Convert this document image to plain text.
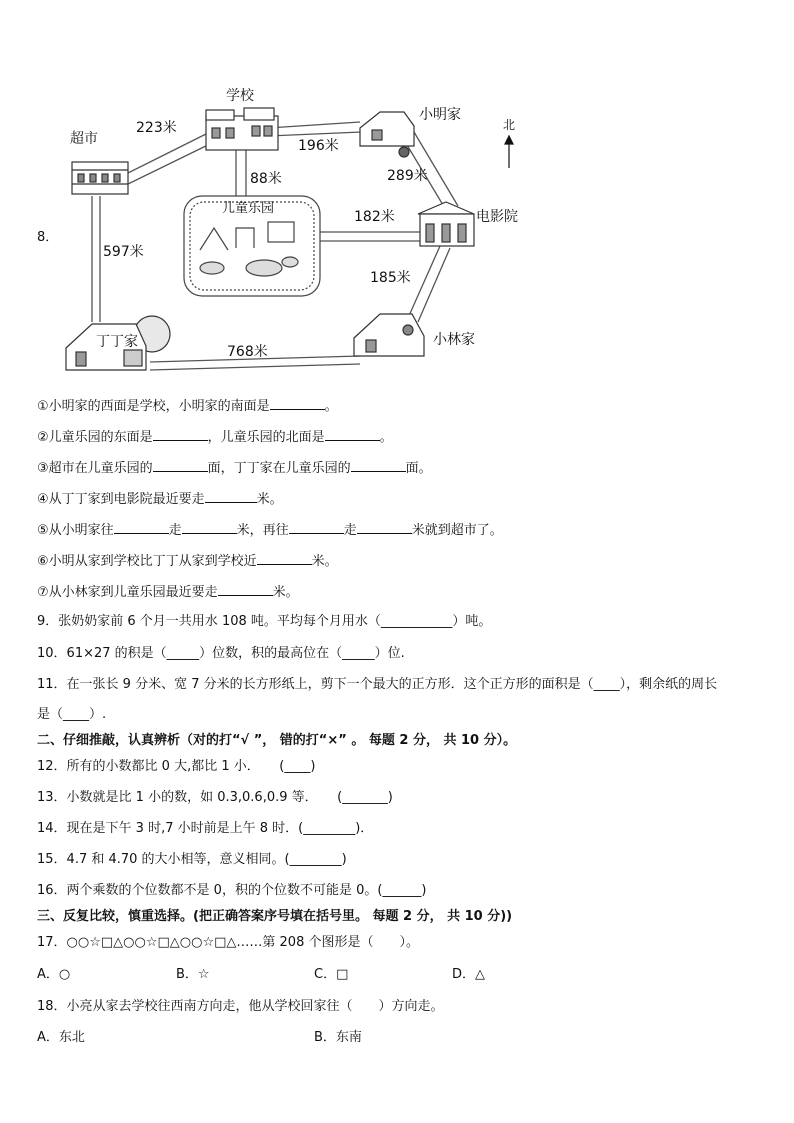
学校
超市
小明家
北
电影院
儿童乐园
丁丁家	小林家
223米
196米
88米	289米
182米
597米
185米
768米
8．
①小明家的西面是学校，小明家的南面是	。
②儿童乐园的东面是	，儿童乐园的北面是	。
③超市在儿童乐园的	面，丁丁家在儿童乐园的	面。
④从丁丁家到电影院最近要走	米。
⑤从小明家往	走	米，再往	走	米就到超市了。
⑥小明从家到学校比丁丁从家到学校近	米。
⑦从小林家到儿童乐园最近要走	米。
9．张奶奶家前 6 个月一共用水 108 吨。平均每个月用水（___________）吨。
10．61×27 的积是（_____）位数，积的最高位在（_____）位.
11．在一张长 9 分米、宽 7 分米的长方形纸上，剪下一个最大的正方形．这个正方形的面积是（____），剩余纸的周长
是（____）.
二、仔细推敲，认真辨析（对的打“√ ”， 错的打“×” 。 每题 2 分， 共 10 分）。
12．所有的小数都比 0 大,都比 1 小．　　(____)
13．小数就是比 1 小的数，如 0.3,0.6,0.9 等．　　(_______)
14．现在是下午 3 时,7 小时前是上午 8 时．(________)．
15．4.7 和 4.70 的大小相等，意义相同。(________)
16．两个乘数的个位数都不是 0，积的个位数不可能是 0。(______)
三、反复比较，慎重选择。(把正确答案序号填在括号里。 每题 2 分， 共 10 分))
17．○○☆□△○○☆□△○○☆□△……第 208 个图形是（　　）。
A．○	B．☆	C．□	D．△
18．小亮从家去学校往西南方向走，他从学校回家往（　　）方向走。
A．东北	B．东南
